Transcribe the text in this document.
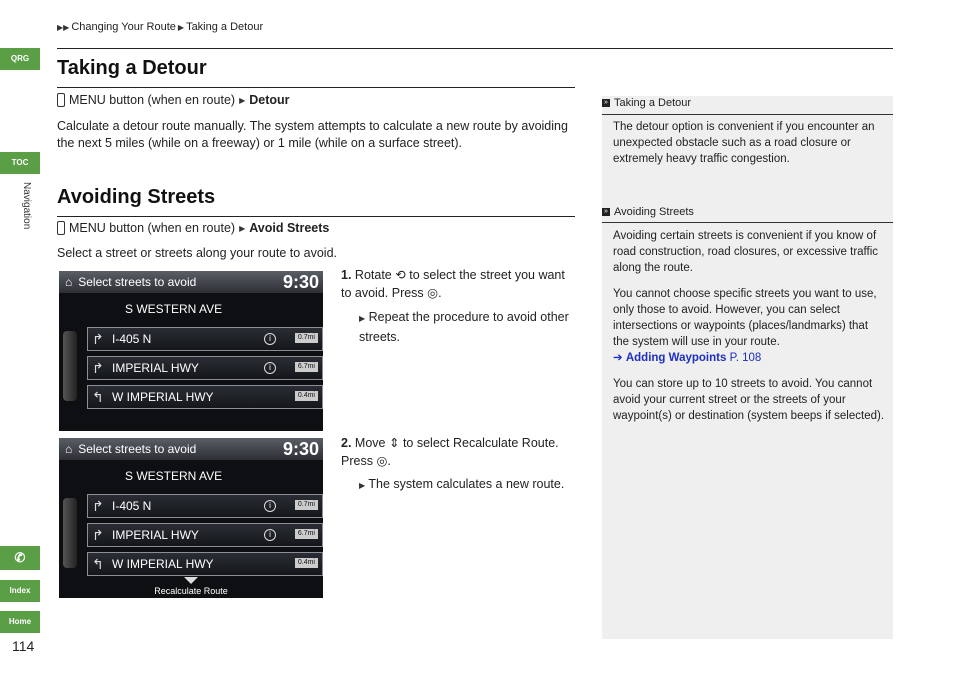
QRG
TOC
Navigation
✆
Index
Home
114
▶▶ Changing Your Route ▶ Taking a Detour
Taking a Detour
MENU button (when en route) ▶ Detour
Calculate a detour route manually. The system attempts to calculate a new route by avoiding the next 5 miles (while on a freeway) or 1 mile (while on a surface street).
Avoiding Streets
MENU button (when en route) ▶ Avoid Streets
Select a street or streets along your route to avoid.
⌂ Select streets to avoid	9:30
S WESTERN AVE
↱ I-405 N	i	0.7mi
↱ IMPERIAL HWY	i	6.7mi
↰ W IMPERIAL HWY	0.4mi
⌂ Select streets to avoid	9:30
S WESTERN AVE
↱ I-405 N	i	0.7mi
↱ IMPERIAL HWY	i	6.7mi
↰ W IMPERIAL HWY	0.4mi
Recalculate Route
1. Rotate ⟲ to select the street you want to avoid. Press ◎.
▶ Repeat the procedure to avoid other streets.
2. Move ⇕ to select Recalculate Route. Press ◎.
▶ The system calculates a new route.
» Taking a Detour
The detour option is convenient if you encounter an unexpected obstacle such as a road closure or extremely heavy traffic congestion.
» Avoiding Streets
Avoiding certain streets is convenient if you know of road construction, road closures, or excessive traffic along the route.
You cannot choose specific streets you want to use, only those to avoid. However, you can select intersections or waypoints (places/landmarks) that the system will use in your route.
➔ Adding Waypoints P. 108
You can store up to 10 streets to avoid. You cannot avoid your current street or the streets of your waypoint(s) or destination (system beeps if selected).
